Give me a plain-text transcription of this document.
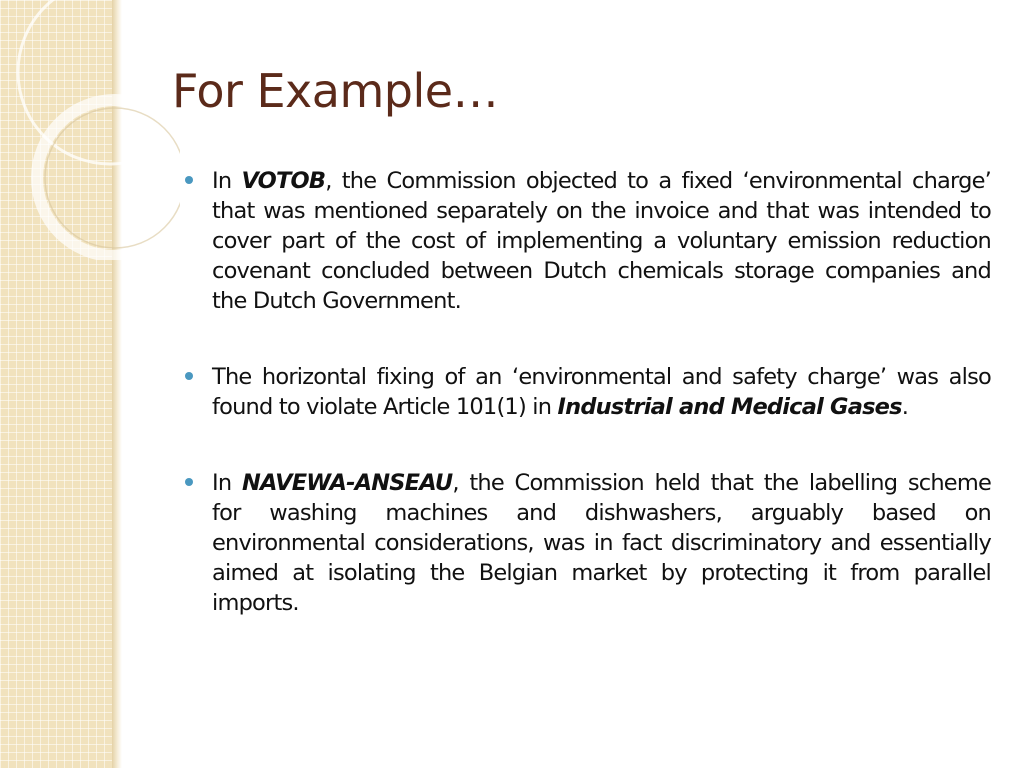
For Example…
In VOTOB, the Commission objected to a fixed ‘environmental charge’ that was mentioned separately on the invoice and that was intended to cover part of the cost of implementing a voluntary emission reduction covenant concluded between Dutch chemicals storage companies and the Dutch Government.
The horizontal fixing of an ‘environmental and safety charge’ was also found to violate Article 101(1) in Industrial and Medical Gases.
In NAVEWA-ANSEAU, the Commission held that the labelling scheme for washing machines and dishwashers, arguably based on environmental considerations, was in fact discriminatory and essentially aimed at isolating the Belgian market by protecting it from parallel imports.
